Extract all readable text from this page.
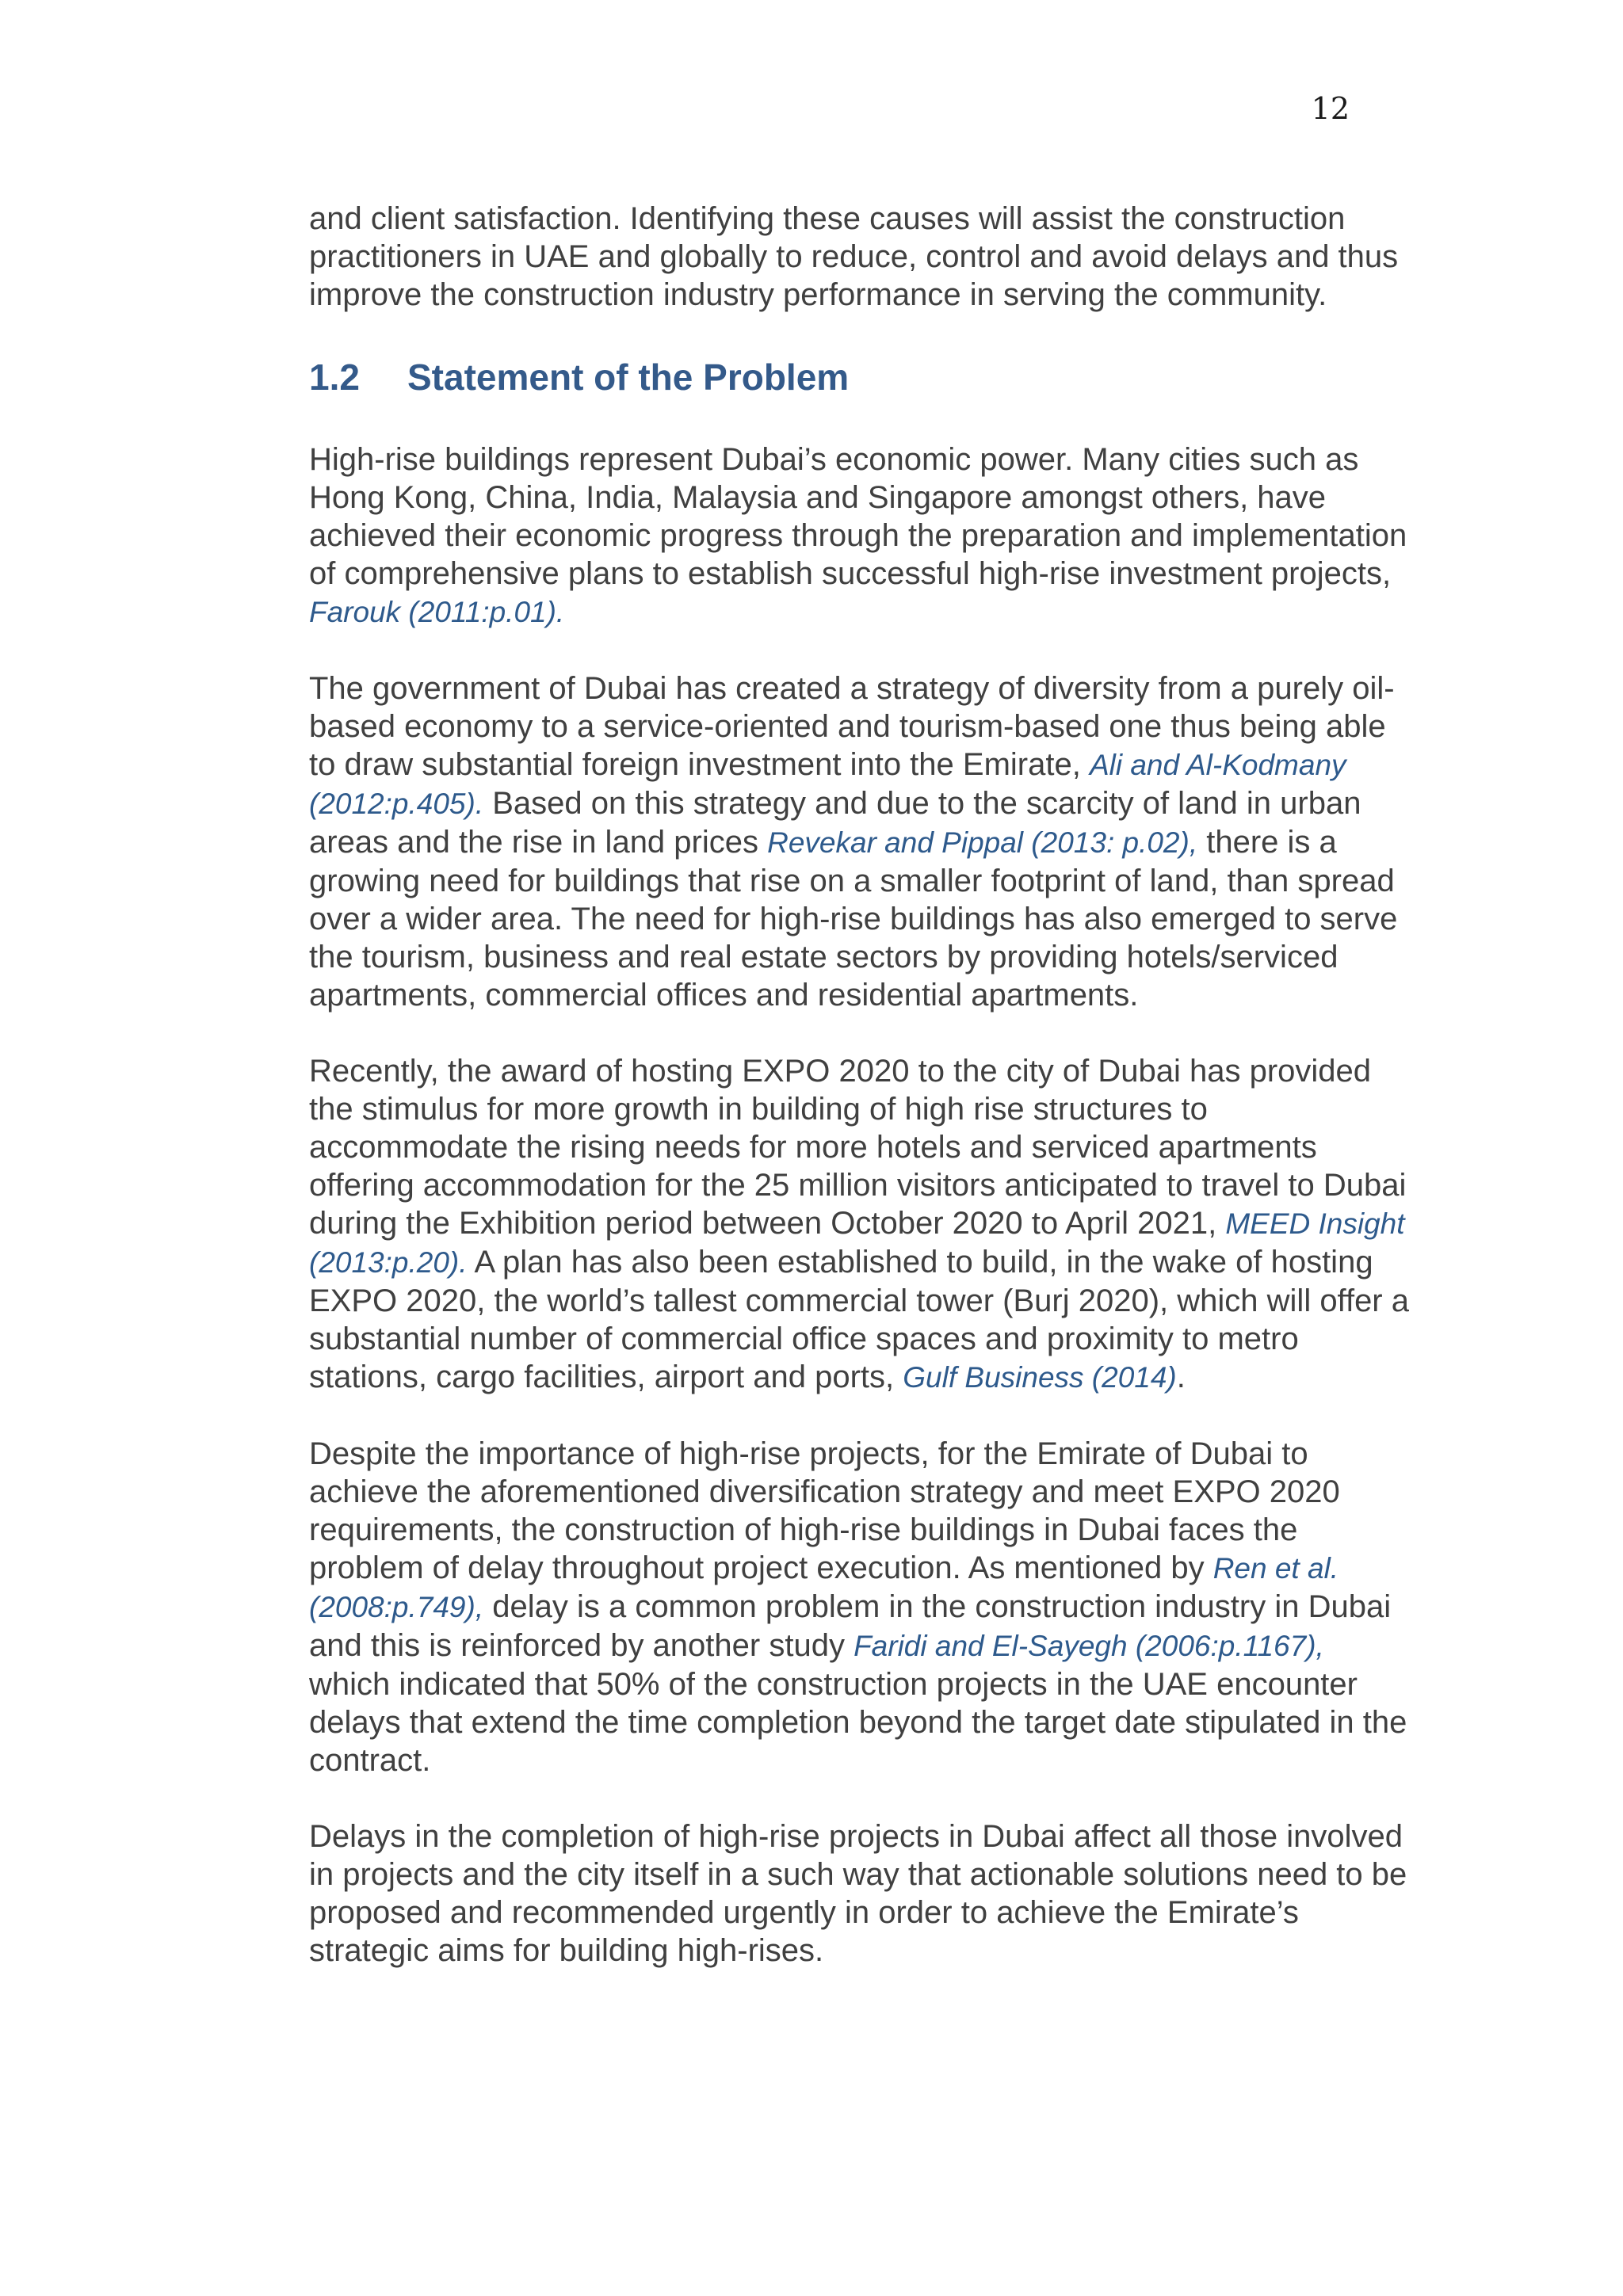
12

and client satisfaction. Identifying these causes will assist the construction practitioners in UAE and globally to reduce, control and avoid delays and thus improve the construction industry performance in serving the community.

1.2	Statement of the Problem

High-rise buildings represent Dubai’s economic power. Many cities such as Hong Kong, China, India, Malaysia and Singapore amongst others, have achieved their economic progress through the preparation and implementation of comprehensive plans to establish successful high-rise investment projects, Farouk (2011:p.01).

The government of Dubai has created a strategy of diversity from a purely oil-based economy to a service-oriented and tourism-based one thus being able to draw substantial foreign investment into the Emirate, Ali and Al-Kodmany (2012:p.405). Based on this strategy and due to the scarcity of land in urban areas and the rise in land prices Revekar and Pippal (2013: p.02), there is a growing need for buildings that rise on a smaller footprint of land, than spread over a wider area. The need for high-rise buildings has also emerged to serve the tourism, business and real estate sectors by providing hotels/serviced apartments, commercial offices and residential apartments.

Recently, the award of hosting EXPO 2020 to the city of Dubai has provided the stimulus for more growth in building of high rise structures to accommodate the rising needs for more hotels and serviced apartments offering accommodation for the 25 million visitors anticipated to travel to Dubai during the Exhibition period between October 2020 to April 2021, MEED Insight (2013:p.20). A plan has also been established to build, in the wake of hosting EXPO 2020, the world’s tallest commercial tower (Burj 2020), which will offer a substantial number of commercial office spaces and proximity to metro stations, cargo facilities, airport and ports, Gulf Business (2014).

Despite the importance of high-rise projects, for the Emirate of Dubai to achieve the aforementioned diversification strategy and meet EXPO 2020 requirements, the construction of high-rise buildings in Dubai faces the problem of delay throughout project execution. As mentioned by Ren et al. (2008:p.749), delay is a common problem in the construction industry in Dubai and this is reinforced by another study Faridi and El-Sayegh (2006:p.1167), which indicated that 50% of the construction projects in the UAE encounter delays that extend the time completion beyond the target date stipulated in the contract.

Delays in the completion of high-rise projects in Dubai affect all those involved in projects and the city itself in a such way that actionable solutions need to be proposed and recommended urgently in order to achieve the Emirate’s strategic aims for building high-rises.
